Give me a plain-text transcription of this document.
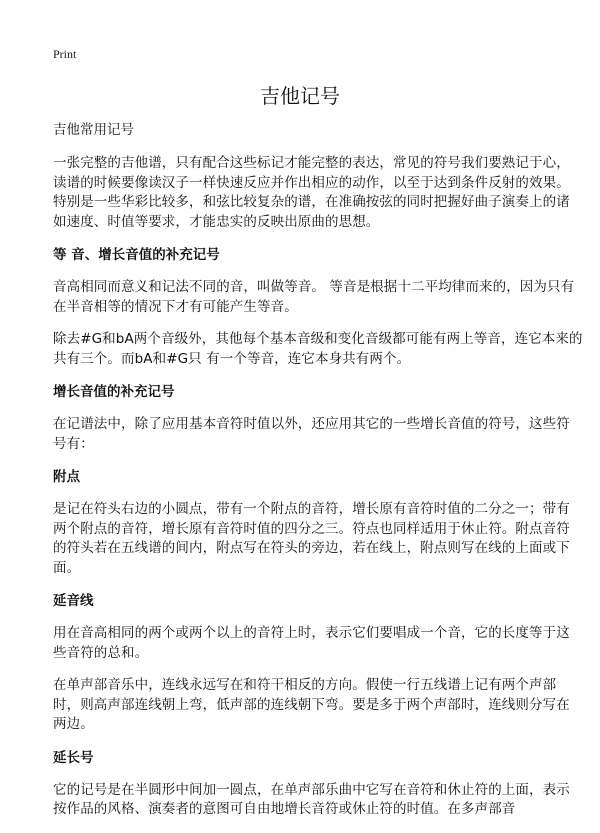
Print
吉他记号
吉他常用记号

一张完整的吉他谱，只有配合这些标记才能完整的表达，常见的符号我们要熟记于心，读谱的时候要像读汉子一样快速反应并作出相应的动作，以至于达到条件反射的效果。特别是一些华彩比较多，和弦比较复杂的谱，在准确按弦的同时把握好曲子演奏上的诸如速度、时值等要求，才能忠实的反映出原曲的思想。

等 音、增长音值的补充记号

音高相同而意义和记法不同的音，叫做等音。 等音是根据十二平均律而来的，因为只有在半音相等的情况下才有可能产生等音。

除去#G和bA两个音级外，其他每个基本音级和变化音级都可能有两上等音，连它本来的共有三个。而bA和#G只 有一个等音，连它本身共有两个。

增长音值的补充记号

在记谱法中，除了应用基本音符时值以外，还应用其它的一些增长音值的符号，这些符号有：

附点

是记在符头右边的小圆点，带有一个附点的音符，增长原有音符时值的二分之一；带有两个附点的音符，增长原有音符时值的四分之三。符点也同样适用于休止符。附点音符的符头若在五线谱的间内，附点写在符头的旁边，若在线上，附点则写在线的上面或下面。

延音线

用在音高相同的两个或两个以上的音符上时，表示它们要唱成一个音，它的长度等于这些音符的总和。

在单声部音乐中，连线永远写在和符干相反的方向。假使一行五线谱上记有两个声部时，则高声部连线朝上弯，低声部的连线朝下弯。要是多于两个声部时，连线则分写在两边。

延长号

它的记号是在半圆形中间加一圆点，在单声部乐曲中它写在音符和休止符的上面，表示按作品的风格、演奏者的意图可自由地增长音符或休止符的时值。在多声部音
